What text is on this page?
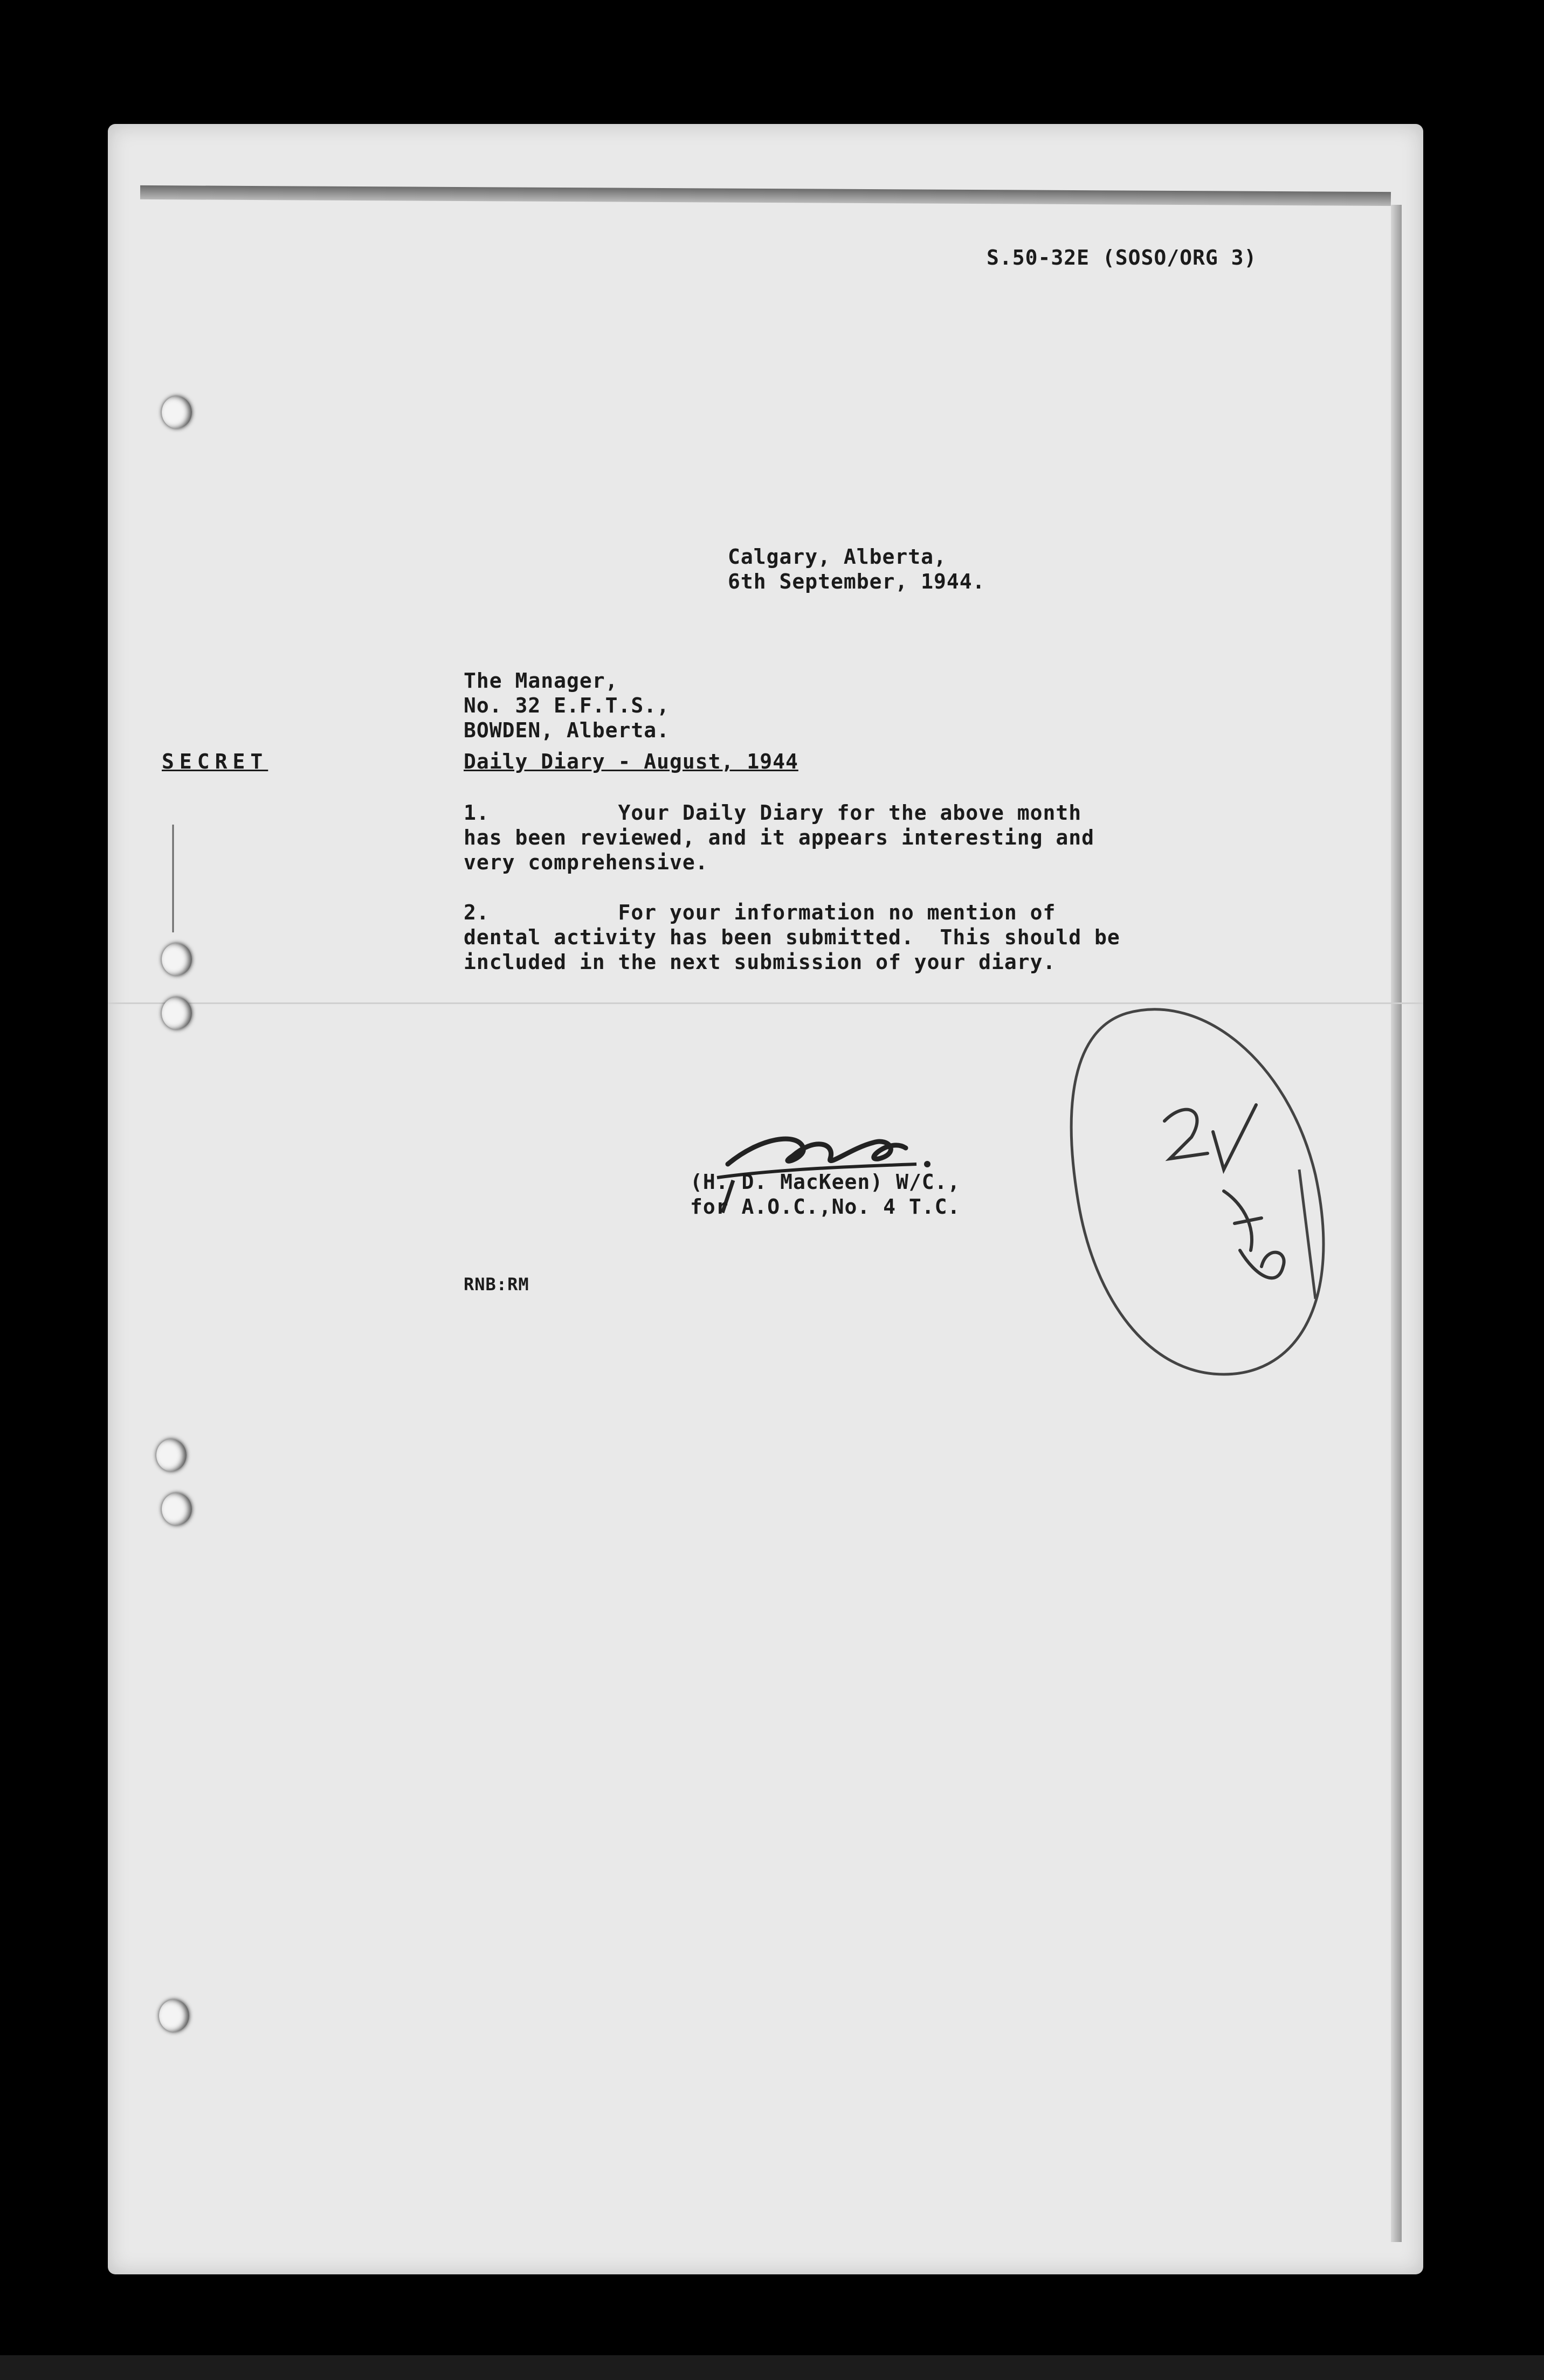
S.50-32E (SOSO/ORG 3)
Calgary, Alberta,
6th September, 1944.
The Manager,
No. 32 E.F.T.S.,
BOWDEN, Alberta.
SECRET	Daily Diary - August, 1944
1.	Your Daily Diary for the above month
has been reviewed, and it appears interesting and
very comprehensive.
2.	For your information no mention of
dental activity has been submitted.  This should be
included in the next submission of your diary.
(H. D. MacKeen) W/C.,
for A.O.C.,No. 4 T.C.
RNB:RM
